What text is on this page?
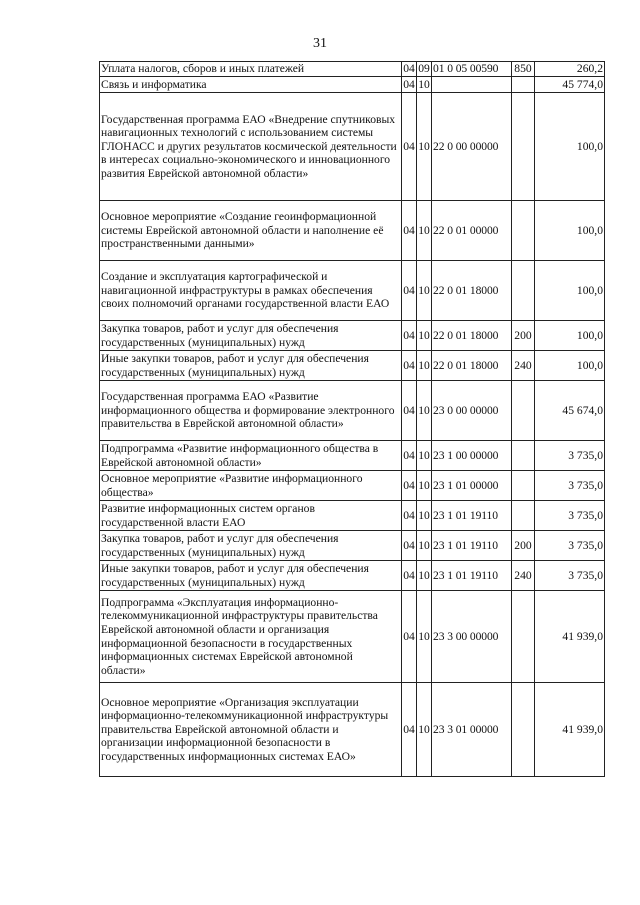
31
Уплата налогов, сборов и иных платежей	04	09	01 0 05 00590	850	260,2
Связь и информатика	04	10			45 774,0
Государственная программа ЕАО «Внедрение спутниковых навигационных технологий с использованием системы ГЛОНАСС и других результатов космической деятельности в интересах социально-экономического и инновационного развития Еврейской автономной области»	04	10	22 0 00 00000		100,0
Основное мероприятие «Создание геоинформационной системы Еврейской автономной области и наполнение её пространственными данными»	04	10	22 0 01 00000		100,0
Создание и эксплуатация картографической и навигационной инфраструктуры в рамках обеспечения своих полномочий органами государственной власти ЕАО	04	10	22 0 01 18000		100,0
Закупка товаров, работ и услуг для обеспечения государственных (муниципальных) нужд	04	10	22 0 01 18000	200	100,0
Иные закупки товаров, работ и услуг для обеспечения государственных (муниципальных) нужд	04	10	22 0 01 18000	240	100,0
Государственная программа ЕАО «Развитие информационного общества и формирование электронного правительства в Еврейской автономной области»	04	10	23 0 00 00000		45 674,0
Подпрограмма «Развитие информационного общества в Еврейской автономной области»	04	10	23 1 00 00000		3 735,0
Основное мероприятие «Развитие информационного общества»	04	10	23 1 01 00000		3 735,0
Развитие информационных систем органов государственной власти ЕАО	04	10	23 1 01 19110		3 735,0
Закупка товаров, работ и услуг для обеспечения государственных (муниципальных) нужд	04	10	23 1 01 19110	200	3 735,0
Иные закупки товаров, работ и услуг для обеспечения государственных (муниципальных) нужд	04	10	23 1 01 19110	240	3 735,0
Подпрограмма «Эксплуатация информационно-телекоммуникационной инфраструктуры правительства Еврейской автономной области и организация информационной безопасности в государственных информационных системах Еврейской автономной области»	04	10	23 3 00 00000		41 939,0
Основное мероприятие «Организация эксплуатации информационно-телекоммуникационной инфраструктуры правительства Еврейской автономной области и организации информационной безопасности в государственных информационных системах ЕАО»	04	10	23 3 01 00000		41 939,0
